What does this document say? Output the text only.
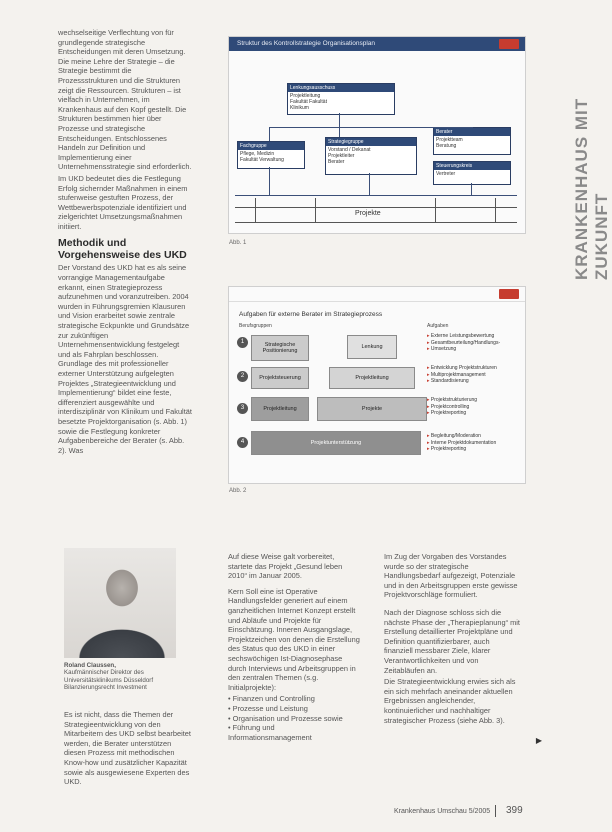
KRANKENHAUS MIT ZUKUNFT

wechselseitige Verflechtung von für grundlegende strategische Entscheidungen mit deren Umsetzung. Die meine Lehre der Strategie – die Strategie bestimmt die Prozessstrukturen und die Strukturen zeigt die Ressourcen. Strukturen – ist vielfach in Unternehmen, im Krankenhaus auf den Kopf gestellt. Die Strukturen bestimmen hier über Prozesse und strategische Entscheidungen. Entschlossenes Handeln zur Definition und Implementierung einer Unternehmensstrategie sind erforderlich.

Im UKD bedeutet dies die Festlegung Erfolg sichernder Maßnahmen in einem stufenweise gestuften Prozess, der Wettbewerbspotenziale identifiziert und zielgerichtet Umsetzungsmaßnahmen initiiert.

Methodik und Vorgehensweise des UKD

Der Vorstand des UKD hat es als seine vorrangige Managementaufgabe erkannt, einen Strategieprozess aufzunehmen und voranzutreiben. 2004 wurden in Führungsgremien Klausuren und Vision erarbeitet sowie zentrale strategische Eckpunkte und Grundsätze zur zukünftigen Unternehmensentwicklung festgelegt und als Fahrplan beschlossen. Grundlage des mit professioneller externer Unterstützung aufgelegten Projektes „Strategieentwicklung und Implementierung“ bildet eine feste, differenziert ausgewählte und interdisziplinär von Klinikum und Fakultät besetzte Projektorganisation (s. Abb. 1) sowie die Festlegung konkreter Aufgabenbereiche der Berater (s. Abb. 2). Was

Struktur des Kontrollstrategie Organisationsplan
Lenkungsausschuss
Projektleitung
Fakultät Fakultät
Klinikum
Fachgruppe
Pflege, Medizin
Fakultät Verwaltung
Strategiegruppe
Vorstand / Dekanat
Projektleiter
Berater
Berater
Projektteam
Beratung
Steuerungskreis
Vertreter
Projekte
Abb. 1
Aufgaben für externe Berater im Strategieprozess
Berufsgruppen	Aufgaben
1	Strategische Positionierung
Lenkung
▸ Externe Leistungsbewertung
▸ Gesamtbeurteilung/Handlungs-
▸ Umsetzung
2	Projektsteuerung	Projektleitung
▸ Entwicklung Projektstrukturen
▸ Multiprojektmanagement
▸ Standardisierung
3	Projektleitung	Projekte
▸ Projektstrukturierung
▸ Projektcontrolling
▸ Projektreporting
4	Projektunterstützung
▸ Begleitung/Moderation
▸ Interne Projektdokumentation
▸ Projektreporting
Abb. 2
Roland Claussen,
Kaufmännischer Direktor des
Universitätsklinikums Düsseldorf
Bilanzierungsrecht Investment

Es ist nicht, dass die Themen der Strategieentwicklung von den Mitarbeitern des UKD selbst bearbeitet werden, die Berater unterstützen diesen Prozess mit methodischen Know-how und zusätzlicher Kapazität sowie als ausgewiesene Experten des UKD.

Auf diese Weise galt vorbereitet, startete das Projekt „Gesund leben 2010“ im Januar 2005.

Kern Soll eine ist Operative Handlungsfelder generiert auf einem ganzheitlichen Internet Konzept erstellt und Abläufe und Projekte für Einschätzung. Inneren Ausgangslage, Projektzeichen von denen die Erstellung des Status quo des UKD in einer sechswöchigen Ist-Diagnosephase durch Interviews und Arbeitsgruppen in den zentralen Themen (s.g. Initialprojekte):

• Finanzen und Controlling
• Prozesse und Leistung
• Organisation und Prozesse sowie
• Führung und Informationsmanagement

Im Zug der Vorgaben des Vorstandes wurde so der strategische Handlungsbedarf aufgezeigt, Potenziale und in den Arbeitsgruppen erste gewisse Projektvorschläge formuliert.

Nach der Diagnose schloss sich die nächste Phase der „Therapieplanung“ mit Erstellung detaillierter Projektpläne und Definition quantifizierbarer, auch finanziell messbarer Ziele, klarer Verantwortlichkeiten und von Zeitabläufen an.

Die Strategieentwicklung erwies sich als ein sich mehrfach aneinander aktuellen Ergebnissen angleichender, kontinuierlicher und nachhaltiger strategischer Prozess (siehe Abb. 3).

▶
Krankenhaus Umschau 5/2005 399
